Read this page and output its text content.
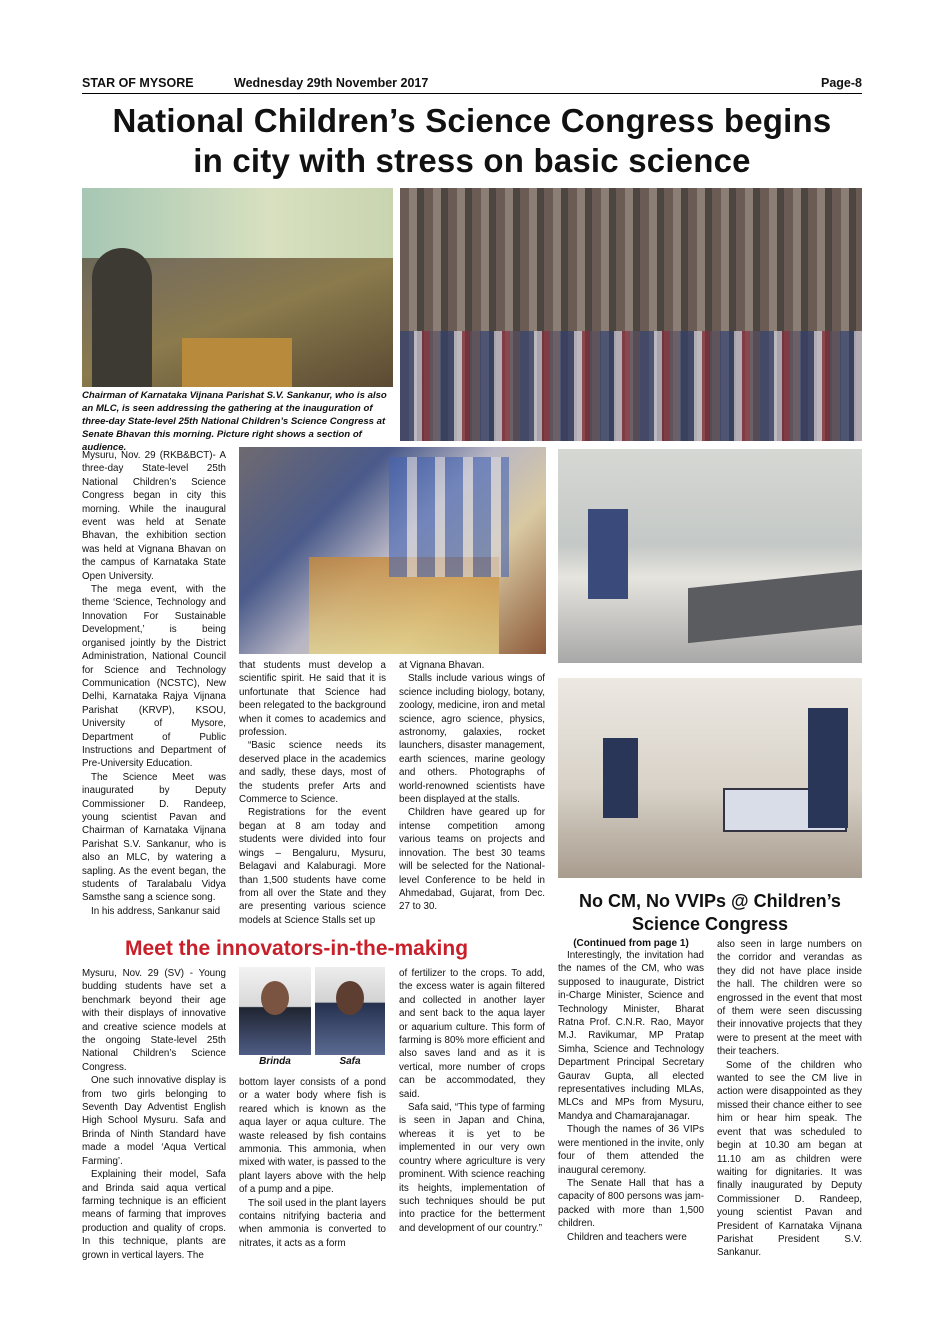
STAR OF MYSORE	Wednesday 29th November 2017	Page-8
National Children’s Science Congress begins
in city with stress on basic science
Chairman of Karnataka Vijnana Parishat S.V. Sankanur, who is also an MLC, is seen addressing the gathering at the inauguration of three-day State-level 25th National Children’s Science Congress at Senate Bhavan this morning. Picture right shows a section of audience.

Mysuru, Nov. 29 (RKB&BCT)- A three-day State-level 25th National Children’s Science Congress began in city this morning. While the inaugural event was held at Senate Bhavan, the exhibition section was held at Vignana Bhavan on the campus of Karnataka State Open University.

The mega event, with the theme ‘Science, Technology and Innovation For Sustainable Development,’ is being organised jointly by the District Administration, National Council for Science and Technology Communication (NCSTC), New Delhi, Karnataka Rajya Vijnana Parishat (KRVP), KSOU, University of Mysore, Department of Public Instructions and Department of Pre-University Education.

The Science Meet was inaugurated by Deputy Commissioner D. Randeep, young scientist Pavan and Chairman of Karnataka Vijnana Parishat S.V. Sankanur, who is also an MLC, by watering a sapling. As the event began, the students of Taralabalu Vidya Samsthe sang a science song.

In his address, Sankanur said

that students must develop a scientific spirit. He said that it is unfortunate that Science had been relegated to the background when it comes to academics and profession.

“Basic science needs its deserved place in the academics and sadly, these days, most of the students prefer Arts and Commerce to Science.

Registrations for the event began at 8 am today and students were divided into four wings – Bengaluru, Mysuru, Belagavi and Kalaburagi. More than 1,500 students have come from all over the State and they are presenting various science models at Science Stalls set up

at Vignana Bhavan.

Stalls include various wings of science including biology, botany, zoology, medicine, iron and metal science, agro science, physics, astronomy, galaxies, rocket launchers, disaster management, earth sciences, marine geology and others. Photographs of world-renowned scientists have been displayed at the stalls.

Children have geared up for intense competition among various teams on projects and innovation. The best 30 teams will be selected for the National-level Conference to be held in Ahmedabad, Gujarat, from Dec. 27 to 30.	No CM, No VVIPs @ Children’s
Science Congress
Meet the innovators-in-the-making

Mysuru, Nov. 29 (SV) - Young budding students have set a benchmark beyond their age with their displays of innovative and creative science models at the ongoing State-level 25th National Children’s Science Congress.

One such innovative display is from two girls belonging to Seventh Day Adventist English High School Mysuru. Safa and Brinda of Ninth Standard have made a model ‘Aqua Vertical Farming’.

Explaining their model, Safa and Brinda said aqua vertical farming technique is an efficient means of farming that improves production and quality of crops. In this technique, plants are grown in vertical layers. The

Brinda	Safa

bottom layer consists of a pond or a water body where fish is reared which is known as the aqua layer or aqua culture. The waste released by fish contains ammonia. This ammonia, when mixed with water, is passed to the plant layers above with the help of a pump and a pipe.

The soil used in the plant layers contains nitrifying bacteria and when ammonia is converted to nitrates, it acts as a form

of fertilizer to the crops. To add, the excess water is again filtered and collected in another layer and sent back to the aqua layer or aquarium culture. This form of farming is 80% more efficient and also saves land and as it is vertical, more number of crops can be accommodated, they said.

Safa said, “This type of farming is seen in Japan and China, whereas it is yet to be implemented in our very own country where agriculture is very prominent. With science reaching its heights, implementation of such techniques should be put into practice for the betterment and development of our country.”

(Continued from page 1)

Interestingly, the invitation had the names of the CM, who was supposed to inaugurate, District in-Charge Minister, Science and Technology Minister, Bharat Ratna Prof. C.N.R. Rao, Mayor M.J. Ravikumar, MP Pratap Simha, Science and Technology Department Principal Secretary Gaurav Gupta, all elected representatives including MLAs, MLCs and MPs from Mysuru, Mandya and Chamarajanagar.

Though the names of 36 VIPs were mentioned in the invite, only four of them attended the inaugural ceremony.

The Senate Hall that has a capacity of 800 persons was jam-packed with more than 1,500 children.

Children and teachers were

also seen in large numbers on the corridor and verandas as they did not have place inside the hall. The children were so engrossed in the event that most of them were seen discussing their innovative projects that they were to present at the meet with their teachers.

Some of the children who wanted to see the CM live in action were disappointed as they missed their chance either to see him or hear him speak. The event that was scheduled to begin at 10.30 am began at 11.10 am as children were waiting for dignitaries. It was finally inaugurated by Deputy Commissioner D. Randeep, young scientist Pavan and President of Karnataka Vijnana Parishat President S.V. Sankanur.
